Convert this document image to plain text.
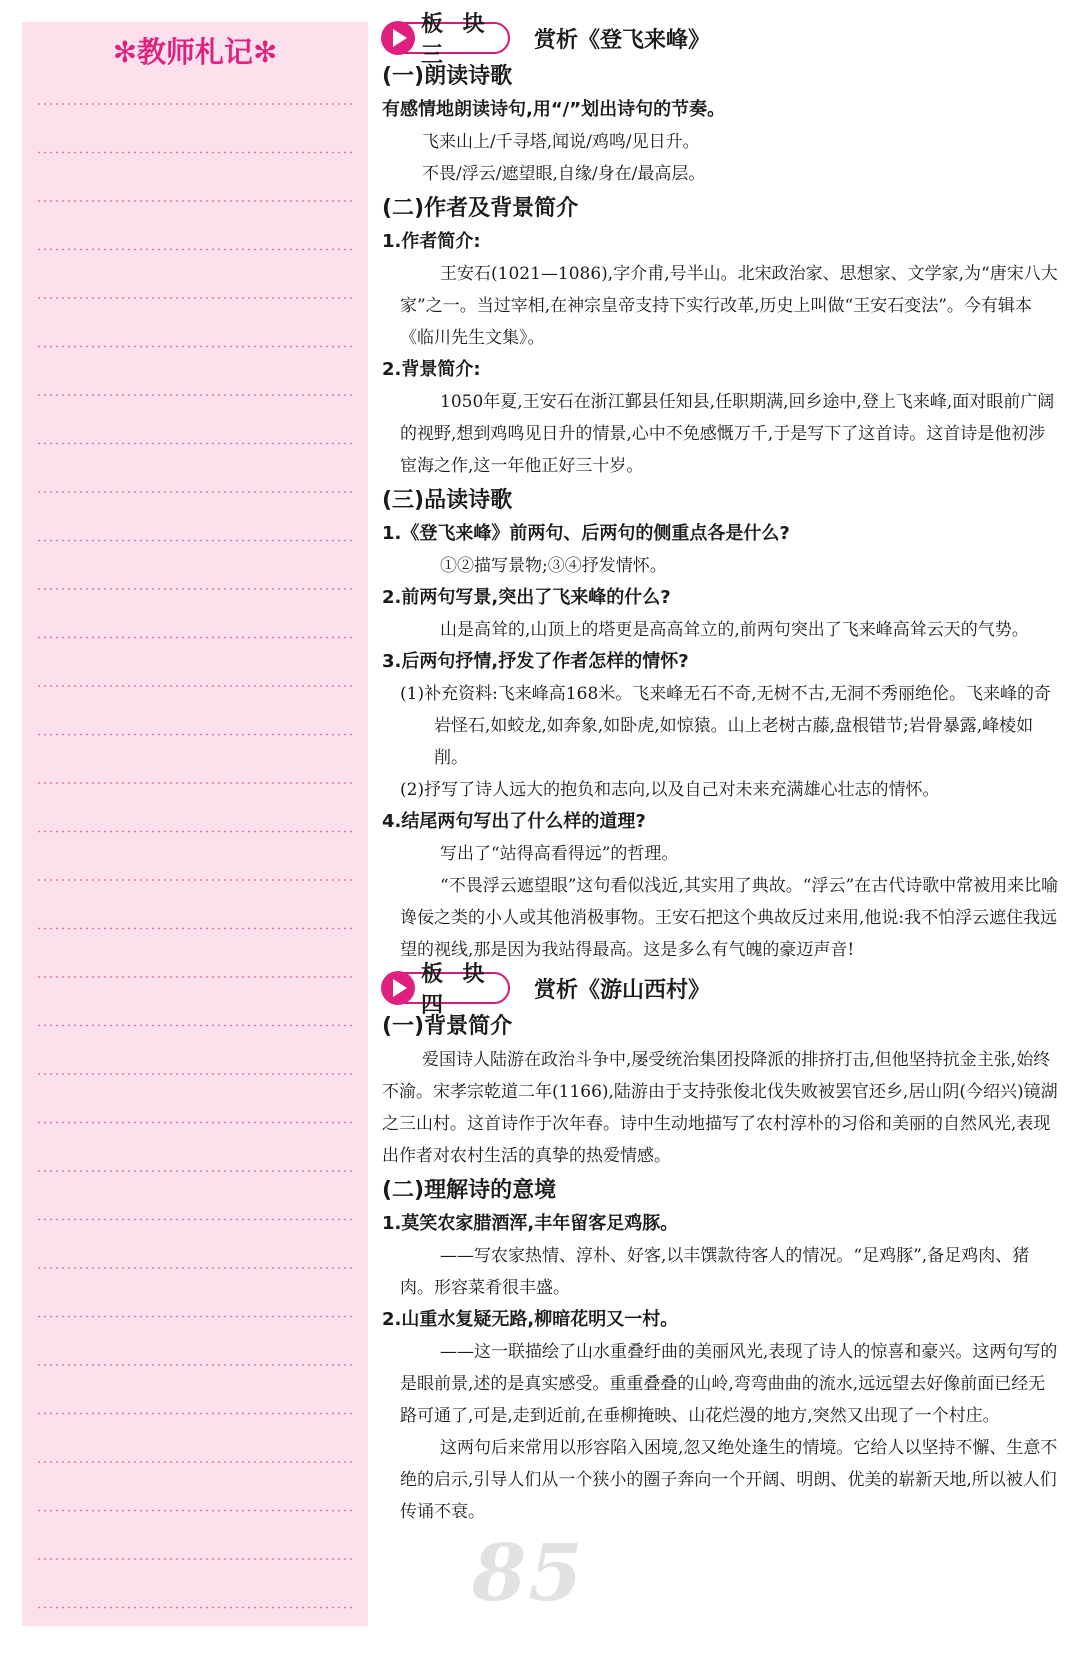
✻教师札记✻
板 块 三
赏析《登飞来峰》
(一)朗读诗歌
有感情地朗读诗句,用“/”划出诗句的节奏。
飞来山上/千寻塔,闻说/鸡鸣/见日升。
不畏/浮云/遮望眼,自缘/身在/最高层。
(二)作者及背景简介
1.作者简介:
王安石(1021—1086),字介甫,号半山。北宋政治家、思想家、文学家,为“唐宋八大家”之一。当过宰相,在神宗皇帝支持下实行改革,历史上叫做“王安石变法”。今有辑本《临川先生文集》。
2.背景简介:
1050年夏,王安石在浙江鄞县任知县,任职期满,回乡途中,登上飞来峰,面对眼前广阔的视野,想到鸡鸣见日升的情景,心中不免感慨万千,于是写下了这首诗。这首诗是他初涉宦海之作,这一年他正好三十岁。
(三)品读诗歌
1.《登飞来峰》前两句、后两句的侧重点各是什么?
①②描写景物;③④抒发情怀。
2.前两句写景,突出了飞来峰的什么?
山是高耸的,山顶上的塔更是高高耸立的,前两句突出了飞来峰高耸云天的气势。
3.后两句抒情,抒发了作者怎样的情怀?
(1)补充资料:飞来峰高168米。飞来峰无石不奇,无树不古,无洞不秀丽绝伦。飞来峰的奇岩怪石,如蛟龙,如奔象,如卧虎,如惊猿。山上老树古藤,盘根错节;岩骨暴露,峰棱如削。
(2)抒写了诗人远大的抱负和志向,以及自己对未来充满雄心壮志的情怀。
4.结尾两句写出了什么样的道理?
写出了“站得高看得远”的哲理。
“不畏浮云遮望眼”这句看似浅近,其实用了典故。“浮云”在古代诗歌中常被用来比喻谗佞之类的小人或其他消极事物。王安石把这个典故反过来用,他说:我不怕浮云遮住我远望的视线,那是因为我站得最高。这是多么有气魄的豪迈声音!
板 块 四
赏析《游山西村》
(一)背景简介
爱国诗人陆游在政治斗争中,屡受统治集团投降派的排挤打击,但他坚持抗金主张,始终不渝。宋孝宗乾道二年(1166),陆游由于支持张俊北伐失败被罢官还乡,居山阴(今绍兴)镜湖之三山村。这首诗作于次年春。诗中生动地描写了农村淳朴的习俗和美丽的自然风光,表现出作者对农村生活的真挚的热爱情感。
(二)理解诗的意境
1.莫笑农家腊酒浑,丰年留客足鸡豚。
——写农家热情、淳朴、好客,以丰馔款待客人的情况。“足鸡豚”,备足鸡肉、猪肉。形容菜肴很丰盛。
2.山重水复疑无路,柳暗花明又一村。
——这一联描绘了山水重叠纡曲的美丽风光,表现了诗人的惊喜和豪兴。这两句写的是眼前景,述的是真实感受。重重叠叠的山岭,弯弯曲曲的流水,远远望去好像前面已经无路可通了,可是,走到近前,在垂柳掩映、山花烂漫的地方,突然又出现了一个村庄。
这两句后来常用以形容陷入困境,忽又绝处逢生的情境。它给人以坚持不懈、生意不绝的启示,引导人们从一个狭小的圈子奔向一个开阔、明朗、优美的崭新天地,所以被人们传诵不衰。
85
